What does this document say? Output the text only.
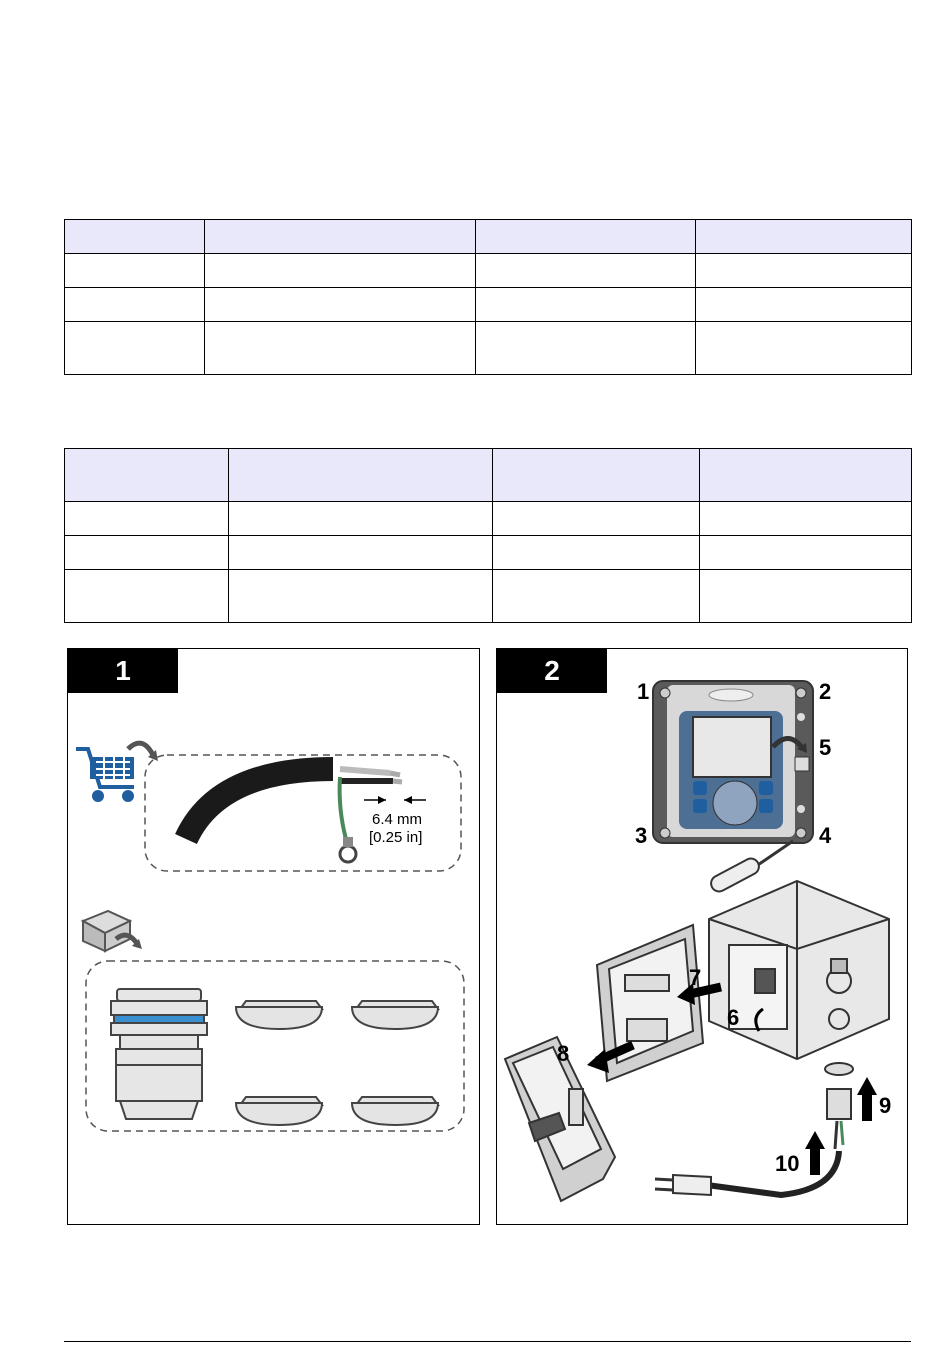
6.4 mm
[0.25 in]
1
1	2
3	4
5
6
7
8
9
10
2
